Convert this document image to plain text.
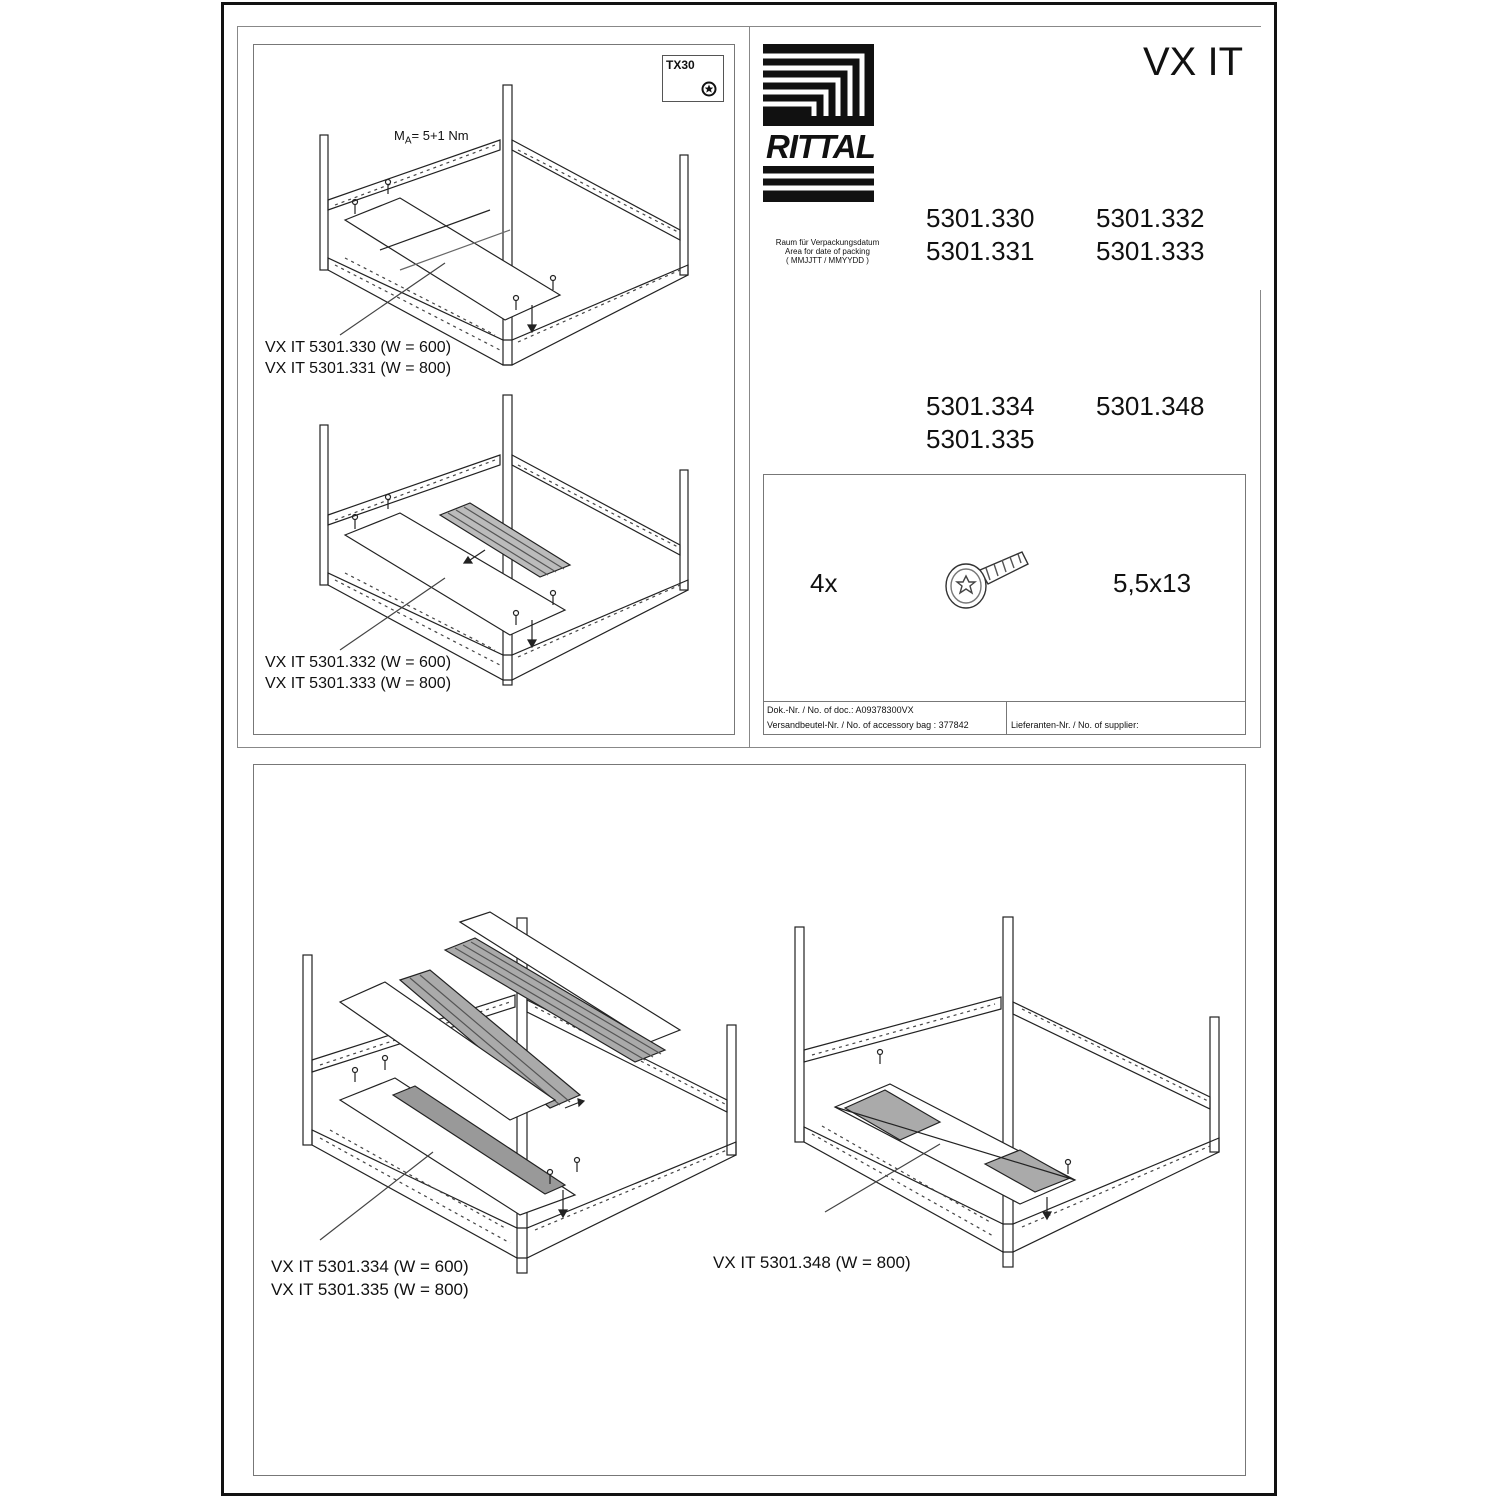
TX30
$M_A= 5+1$ Nm
VX IT 5301.330 (W = 600)
VX IT 5301.331 (W = 800)
VX IT 5301.332 (W = 600)
VX IT 5301.333 (W = 800)
RITTAL
VX IT
Raum für Verpackungsdatum
Area for date of packing
( MMJJTT / MMYYDD )
5301.330
5301.331
5301.332
5301.333
5301.334
5301.335
5301.348
4x	5,5x13
Dok.-Nr. / No. of doc.: A09378300VX
Versandbeutel-Nr. / No. of accessory bag : 377842	Lieferanten-Nr. / No. of supplier:
VX IT 5301.334 (W = 600)
VX IT 5301.335 (W = 800)
VX IT 5301.348 (W = 800)
